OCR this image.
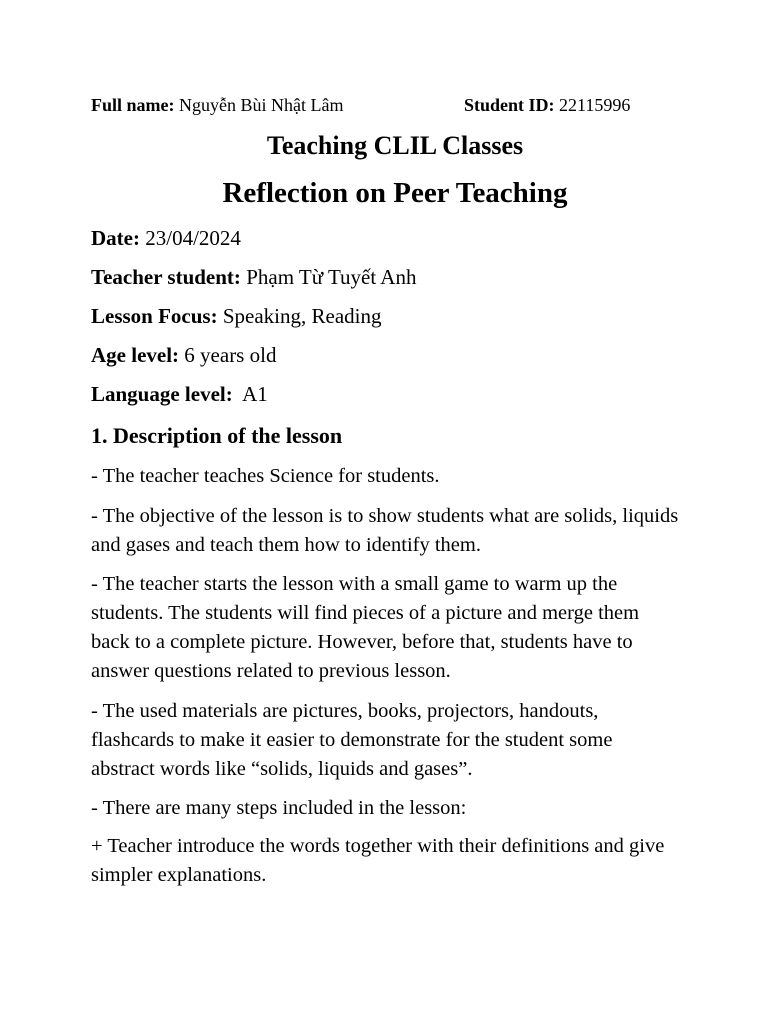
Full name: Nguyễn Bùi Nhật Lâm	Student ID: 22115996
Teaching CLIL Classes
Reflection on Peer Teaching
Date: 23/04/2024
Teacher student: Phạm Từ Tuyết Anh
Lesson Focus: Speaking, Reading
Age level: 6 years old
Language level: A1
1. Description of the lesson
- The teacher teaches Science for students.
- The objective of the lesson is to show students what are solids, liquids and gases and teach them how to identify them.
- The teacher starts the lesson with a small game to warm up the students. The students will find pieces of a picture and merge them back to a complete picture. However, before that, students have to answer questions related to previous lesson.
- The used materials are pictures, books, projectors, handouts, flashcards to make it easier to demonstrate for the student some abstract words like “solids, liquids and gases”.
- There are many steps included in the lesson:
+ Teacher introduce the words together with their definitions and give simpler explanations.
